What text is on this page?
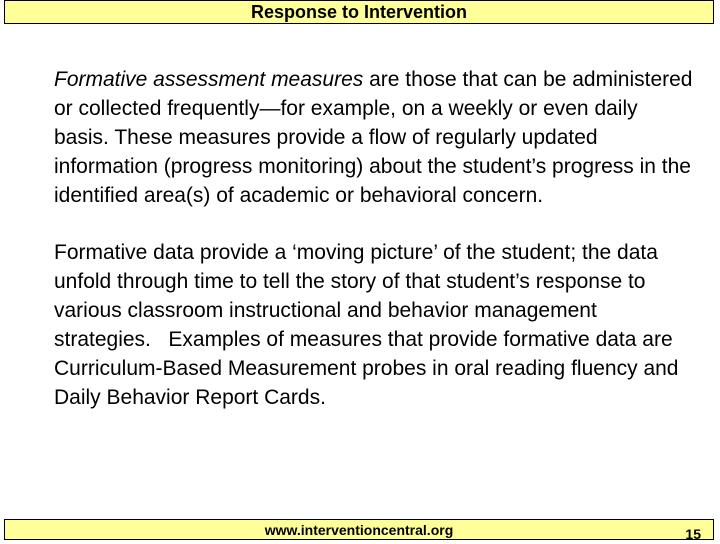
Response to Intervention

Formative assessment measures are those that can be administered or collected frequently—for example, on a weekly or even daily basis. These measures provide a flow of regularly updated information (progress monitoring) about the student’s progress in the identified area(s) of academic or behavioral concern.

Formative data provide a ‘moving picture’ of the student; the data unfold through time to tell the story of that student’s response to various classroom instructional and behavior management strategies.   Examples of measures that provide formative data are Curriculum-Based Measurement probes in oral reading fluency and Daily Behavior Report Cards.

www.interventioncentral.org	15
